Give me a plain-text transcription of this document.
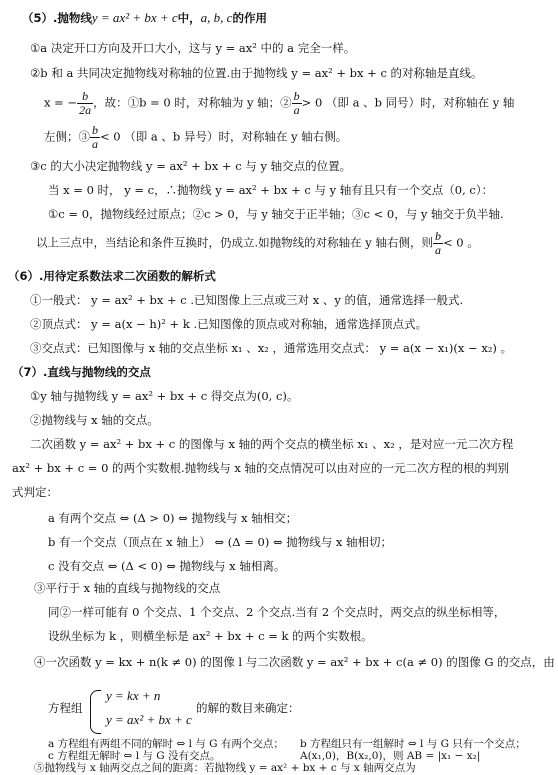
（5）.抛物线y = ax² + bx + c中，a, b, c的作用
①a 决定开口方向及开口大小，这与 y = ax² 中的 a 完全一样。
②b 和 a 共同决定抛物线对称轴的位置.由于抛物线 y = ax² + bx + c 的对称轴是直线。
x = − $\frac{b}{2a}$ ，故：①b = 0 时，对称轴为 y 轴；② $\frac{b}{a} > 0$ （即 a 、b 同号）时，对称轴在 y 轴
左侧；③ $\frac{b}{a} < 0$ （即 a 、b 异号）时，对称轴在 y 轴右侧。
③c 的大小决定抛物线 y = ax² + bx + c 与 y 轴交点的位置。
当 x = 0 时， y = c，∴抛物线 y = ax² + bx + c 与 y 轴有且只有一个交点（0, c）：
①c = 0，抛物线经过原点；②c > 0，与 y 轴交于正半轴；③c < 0，与 y 轴交于负半轴.
以上三点中，当结论和条件互换时，仍成立.如抛物线的对称轴在 y 轴右侧，则 $\frac{b}{a} < 0$ 。
（6）.用待定系数法求二次函数的解析式
①一般式： y = ax² + bx + c .已知图像上三点或三对 x 、y 的值，通常选择一般式.
②顶点式： y = a(x − h)² + k .已知图像的顶点或对称轴，通常选择顶点式。
③交点式：已知图像与 x 轴的交点坐标 x₁ 、x₂ ，通常选用交点式： y = a(x − x₁)(x − x₂) 。
（7）.直线与抛物线的交点
①y 轴与抛物线 y = ax² + bx + c 得交点为(0, c)。
②抛物线与 x 轴的交点。
二次函数 y = ax² + bx + c 的图像与 x 轴的两个交点的横坐标 x₁ 、x₂ ，是对应一元二次方程
ax² + bx + c = 0 的两个实数根.抛物线与 x 轴的交点情况可以由对应的一元二次方程的根的判别
式判定：
a 有两个交点 ⇔ (Δ > 0) ⇔ 抛物线与 x 轴相交；
b 有一个交点（顶点在 x 轴上） ⇔ (Δ = 0) ⇔ 抛物线与 x 轴相切；
c 没有交点 ⇔ (Δ < 0) ⇔ 抛物线与 x 轴相离。
③平行于 x 轴的直线与抛物线的交点
同②一样可能有 0 个交点、1 个交点、2 个交点.当有 2 个交点时，两交点的纵坐标相等，
设纵坐标为 k ，则横坐标是 ax² + bx + c = k 的两个实数根。
④一次函数 y = kx + n(k ≠ 0) 的图像 l 与二次函数 y = ax² + bx + c(a ≠ 0) 的图像 G 的交点，由
方程组
y = kx + n
y = ax² + bx + c
的解的数目来确定：
a 方程组有两组不同的解时 ⇔ l 与 G 有两个交点； b 方程组只有一组解时 ⇔ l 与 G 只有一个交点；
c 方程组无解时 ⇔ l 与 G 没有交点。	A(x₁,0)，B(x₂,0)，则 AB = |x₁ − x₂|
⑤抛物线与 x 轴两交点之间的距离：若抛物线 y = ax² + bx + c 与 x 轴两交点为
